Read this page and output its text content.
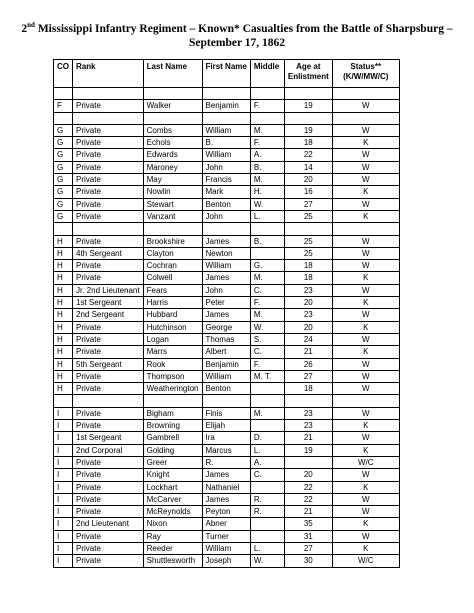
2nd Mississippi Infantry Regiment – Known* Casualties from the Battle of Sharpsburg –
September 17, 1862
CO	Rank	Last Name	First Name	Middle	Age at Enlistment	Status** (K/W/MW/C)

F	Private	Walker	Benjamin	F.	19	W

G	Private	Combs	William	M.	19	W
G	Private	Echols	B.	F.	18	K
G	Private	Edwards	William	A.	22	W
G	Private	Maroney	John	B.	14	W
G	Private	May	Francis	M.	20	W
G	Private	Nowlin	Mark	H.	16	K
G	Private	Stewart	Benton	W.	27	W
G	Private	Vanzant	John	L.	25	K

H	Private	Brookshire	James	B.	25	W
H	4th Sergeant	Clayton	Newton		25	W
H	Private	Cochran	William	G.	18	W
H	Private	Colwell	James	M.	18	K
H	Jr. 2nd Lieutenant	Fears	John	C.	23	W
H	1st Sergeant	Harris	Peter	F.	20	K
H	2nd Sergeant	Hubbard	James	M.	23	W
H	Private	Hutchinson	George	W.	20	K
H	Private	Logan	Thomas	S.	24	W
H	Private	Marrs	Albert	C.	21	K
H	5th Sergeant	Rook	Benjamin	F.	26	W
H	Private	Thompson	William	M. T.	27	W
H	Private	Weatherington	Benton		18	W

I	Private	Bigham	Finis	M.	23	W
I	Private	Browning	Elijah		23	K
I	1st Sergeant	Gambrell	Ira	D.	21	W
I	2nd Corporal	Golding	Marcus	L.	19	K
I	Private	Greer	R.	A.		W/C
I	Private	Knight	James	C.	20	W
I	Private	Lockhart	Nathaniel		22	K
I	Private	McCarver	James	R.	22	W
I	Private	McReynolds	Peyton	R.	21	W
I	2nd Lieutenant	Nixon	Abner		35	K
I	Private	Ray	Turner		31	W
I	Private	Reeder	William	L.	27	K
I	Private	Shuttlesworth	Joseph	W.	30	W/C
